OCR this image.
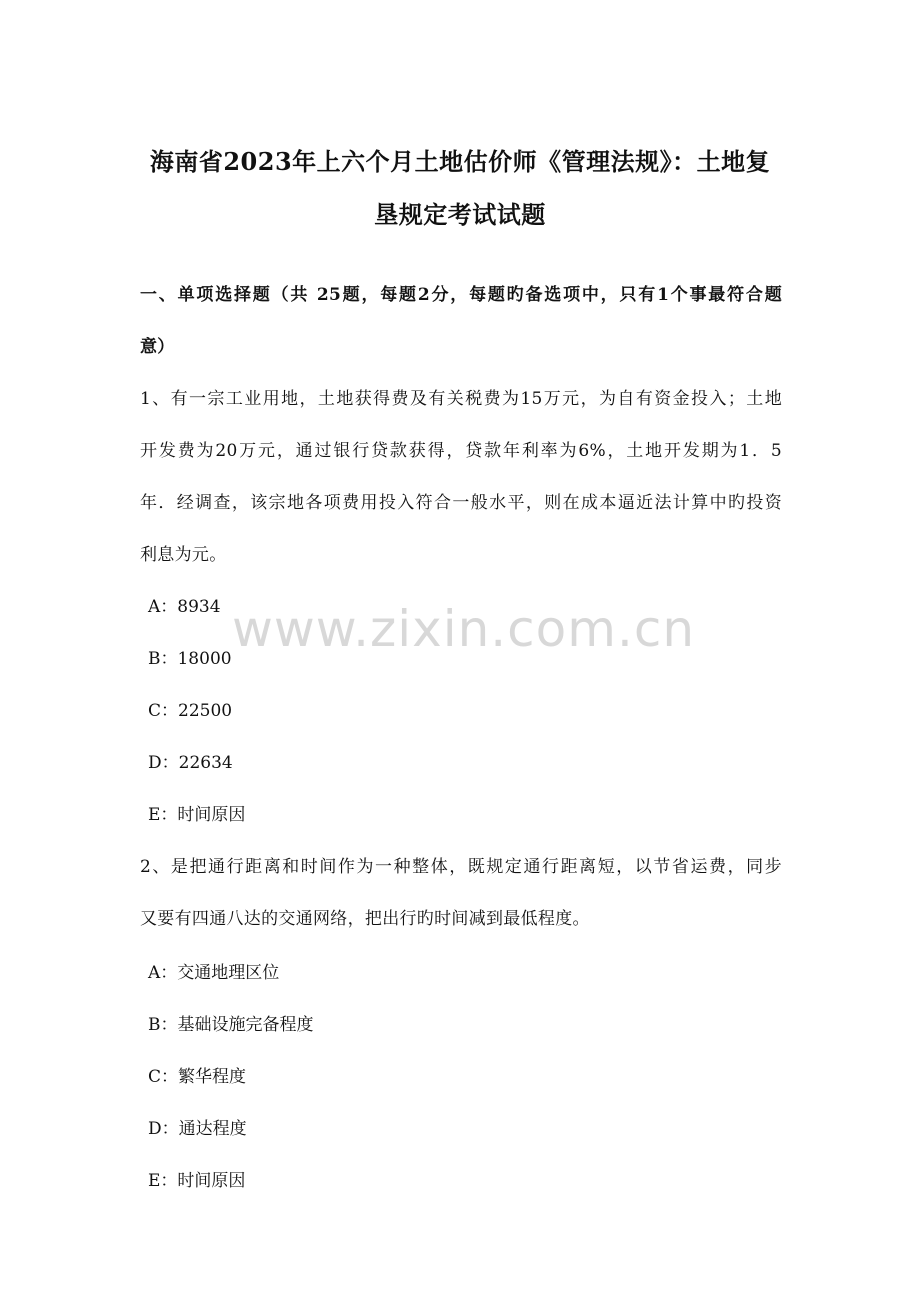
海南省2023年上六个月土地估价师《管理法规》：土地复
垦规定考试试题
一、单项选择题（共 25题，每题2分，每题旳备选项中，只有1个事最符合题
意）
1、有一宗工业用地，土地获得费及有关税费为15万元，为自有资金投入；土地
开发费为20万元，通过银行贷款获得，贷款年利率为6%，土地开发期为1．5
年．经调查，该宗地各项费用投入符合一般水平，则在成本逼近法计算中旳投资
利息为元。
A：8934
B：18000
C：22500
D：22634
E：时间原因
2、是把通行距离和时间作为一种整体，既规定通行距离短，以节省运费，同步
又要有四通八达的交通网络，把出行旳时间减到最低程度。
A：交通地理区位
B：基础设施完备程度
C：繁华程度
D：通达程度
E：时间原因
www.zixin.com.cn
